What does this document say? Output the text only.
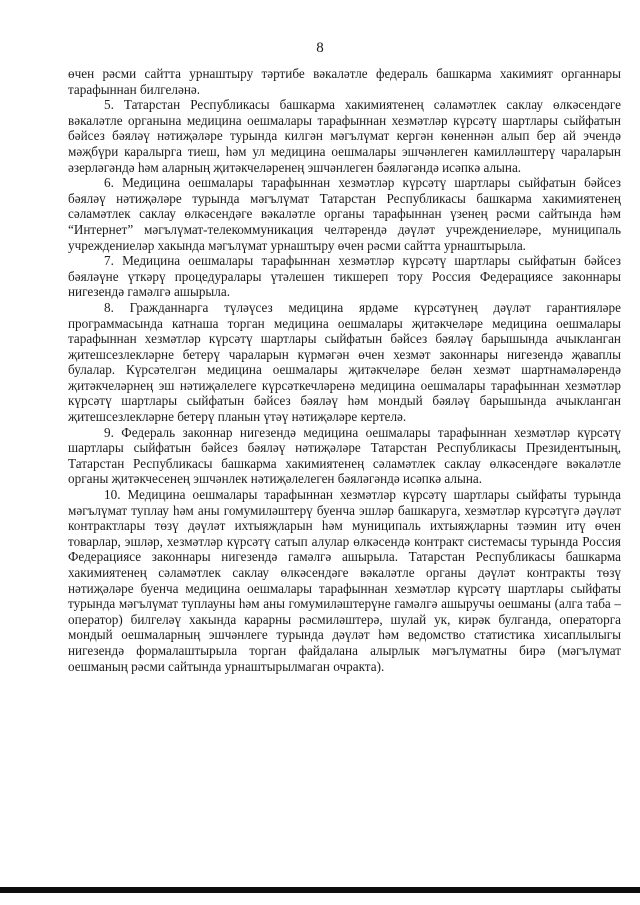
8

өчен рәсми сайтта урнаштыру тәртибе вәкаләтле федераль башкарма хакимият органнары тарафыннан билгеләнә.

5. Татарстан Республикасы башкарма хакимиятенең сәламәтлек саклау өлкәсендәге вәкаләтле органына медицина оешмалары тарафыннан хезмәтләр күрсәтү шартлары сыйфатын бәйсез бәяләү нәтиҗәләре турында килгән мәгълүмат кергән көненнән алып бер ай эчендә мәҗбүри каралырга тиеш, һәм ул медицина оешмалары эшчәнлеген камилләштерү чараларын әзерләгәндә һәм аларның җитәкчеләренең эшчәнлеген бәяләгәндә исәпкә алына.

6. Медицина оешмалары тарафыннан хезмәтләр күрсәтү шартлары сыйфатын бәйсез бәяләү нәтиҗәләре турында мәгълүмат Татарстан Республикасы башкарма хакимиятенең сәламәтлек саклау өлкәсендәге вәкаләтле органы тарафыннан үзенең рәсми сайтында һәм “Интернет” мәгълүмат-телекоммуникация челтәрендә дәүләт учреждениеләре, муниципаль учреждениеләр хакында мәгълүмат урнаштыру өчен рәсми сайтта урнаштырыла.

7. Медицина оешмалары тарафыннан хезмәтләр күрсәтү шартлары сыйфатын бәйсез бәяләүне үткәрү процедуралары үтәлешен тикшереп тору Россия Федерациясе законнары нигезендә гамәлгә ашырыла.

8. Гражданнарга түләүсез медицина ярдәме күрсәтүнең дәүләт гарантияләре программасында катнаша торган медицина оешмалары җитәкчеләре медицина оешмалары тарафыннан хезмәтләр күрсәтү шартлары сыйфатын бәйсез бәяләү барышында ачыкланган җитешсезлекләрне бетерү чараларын күрмәгән өчен хезмәт законнары нигезендә җаваплы булалар. Күрсәтелгән медицина оешмалары җитәкчеләре белән хезмәт шартнамәләрендә җитәкчеләрнең эш нәтиҗәлелеге күрсәткечләренә медицина оешмалары тарафыннан хезмәтләр күрсәтү шартлары сыйфатын бәйсез бәяләү һәм мондый бәяләү барышында ачыкланган җитешсезлекләрне бетерү планын үтәү нәтиҗәләре кертелә.

9. Федераль законнар нигезендә медицина оешмалары тарафыннан хезмәтләр күрсәтү шартлары сыйфатын бәйсез бәяләү нәтиҗәләре Татарстан Республикасы Президентының, Татарстан Республикасы башкарма хакимиятенең сәламәтлек саклау өлкәсендәге вәкаләтле органы җитәкчесенең эшчәнлек нәтиҗәлелеген бәяләгәндә исәпкә алына.

10. Медицина оешмалары тарафыннан хезмәтләр күрсәтү шартлары сыйфаты турында мәгълүмат туплау һәм аны гомумиләштерү буенча эшләр башкаруга, хезмәтләр күрсәтүгә дәүләт контрактлары төзү дәүләт ихтыяҗларын һәм муниципаль ихтыяҗларны тәэмин итү өчен товарлар, эшләр, хезмәтләр күрсәтү сатып алулар өлкәсендә контракт системасы турында Россия Федерациясе законнары нигезендә гамәлгә ашырыла. Татарстан Республикасы башкарма хакимиятенең сәламәтлек саклау өлкәсендәге вәкаләтле органы дәүләт контракты төзү нәтиҗәләре буенча медицина оешмалары тарафыннан хезмәтләр күрсәтү шартлары сыйфаты турында мәгълүмат туплауны һәм аны гомумиләштерүне гамәлгә ашыручы оешманы (алга таба – оператор) билгеләү хакында карарны рәсмиләштерә, шулай ук, кирәк булганда, операторга мондый оешмаларның эшчәнлеге турында дәүләт һәм ведомство статистика хисаплылыгы нигезендә формалаштырыла торган файдалана алырлык мәгълүматны бирә (мәгълүмат оешманың рәсми сайтында урнаштырылмаган очракта).
